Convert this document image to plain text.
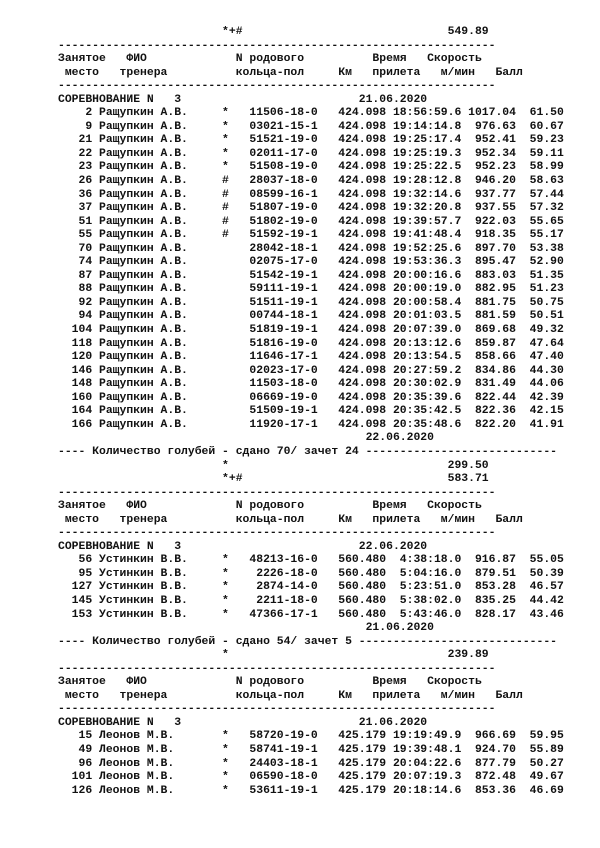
*+#                              549.89
----------------------------------------------------------------
Занятое   ФИО             N родового          Время   Скорость
место   тренера          кольца-пол     Км   прилета   м/мин   Балл
----------------------------------------------------------------
СОРЕВНОВАНИЕ N   3                          21.06.2020
2 Ращупкин А.В.     *   11506-18-0   424.098 18:56:59.6 1017.04  61.50
9 Ращупкин А.В.     *   03021-15-1   424.098 19:14:14.8  976.63  60.67
21 Ращупкин А.В.     *   51521-19-0   424.098 19:25:17.4  952.41  59.23
22 Ращупкин А.В.     *   02011-17-0   424.098 19:25:19.3  952.34  59.11
23 Ращупкин А.В.     *   51508-19-0   424.098 19:25:22.5  952.23  58.99
26 Ращупкин А.В.     #   28037-18-0   424.098 19:28:12.8  946.20  58.63
36 Ращупкин А.В.     #   08599-16-1   424.098 19:32:14.6  937.77  57.44
37 Ращупкин А.В.     #   51807-19-0   424.098 19:32:20.8  937.55  57.32
51 Ращупкин А.В.     #   51802-19-0   424.098 19:39:57.7  922.03  55.65
55 Ращупкин А.В.     #   51592-19-1   424.098 19:41:48.4  918.35  55.17
70 Ращупкин А.В.         28042-18-1   424.098 19:52:25.6  897.70  53.38
74 Ращупкин А.В.         02075-17-0   424.098 19:53:36.3  895.47  52.90
87 Ращупкин А.В.         51542-19-1   424.098 20:00:16.6  883.03  51.35
88 Ращупкин А.В.         59111-19-1   424.098 20:00:19.0  882.95  51.23
92 Ращупкин А.В.         51511-19-1   424.098 20:00:58.4  881.75  50.75
94 Ращупкин А.В.         00744-18-1   424.098 20:01:03.5  881.59  50.51
104 Ращупкин А.В.         51819-19-1   424.098 20:07:39.0  869.68  49.32
118 Ращупкин А.В.         51816-19-0   424.098 20:13:12.6  859.87  47.64
120 Ращупкин А.В.         11646-17-1   424.098 20:13:54.5  858.66  47.40
146 Ращупкин А.В.         02023-17-0   424.098 20:27:59.2  834.86  44.30
148 Ращупкин А.В.         11503-18-0   424.098 20:30:02.9  831.49  44.06
160 Ращупкин А.В.         06669-19-0   424.098 20:35:39.6  822.44  42.39
164 Ращупкин А.В.         51509-19-1   424.098 20:35:42.5  822.36  42.15
166 Ращупкин А.В.         11920-17-1   424.098 20:35:48.6  822.20  41.91
22.06.2020
---- Количество голубей - сдано 70/ зачет 24 ----------------------------
*                                299.50
*+#                              583.71
----------------------------------------------------------------
Занятое   ФИО             N родового          Время   Скорость
место   тренера          кольца-пол     Км   прилета   м/мин   Балл
----------------------------------------------------------------
СОРЕВНОВАНИЕ N   3                          22.06.2020
56 Устинкин В.В.     *   48213-16-0   560.480  4:38:18.0  916.87  55.05
95 Устинкин В.В.     *    2226-18-0   560.480  5:04:16.0  879.51  50.39
127 Устинкин В.В.     *    2874-14-0   560.480  5:23:51.0  853.28  46.57
145 Устинкин В.В.     *    2211-18-0   560.480  5:38:02.0  835.25  44.42
153 Устинкин В.В.     *   47366-17-1   560.480  5:43:46.0  828.17  43.46
21.06.2020
---- Количество голубей - сдано 54/ зачет 5 -----------------------------
*                                239.89
----------------------------------------------------------------
Занятое   ФИО             N родового          Время   Скорость
место   тренера          кольца-пол     Км   прилета   м/мин   Балл
----------------------------------------------------------------
СОРЕВНОВАНИЕ N   3                          21.06.2020
15 Леонов М.В.       *   58720-19-0   425.179 19:19:49.9  966.69  59.95
49 Леонов М.В.       *   58741-19-1   425.179 19:39:48.1  924.70  55.89
96 Леонов М.В.       *   24403-18-1   425.179 20:04:22.6  877.79  50.27
101 Леонов М.В.       *   06590-18-0   425.179 20:07:19.3  872.48  49.67
126 Леонов М.В.       *   53611-19-1   425.179 20:18:14.6  853.36  46.69
